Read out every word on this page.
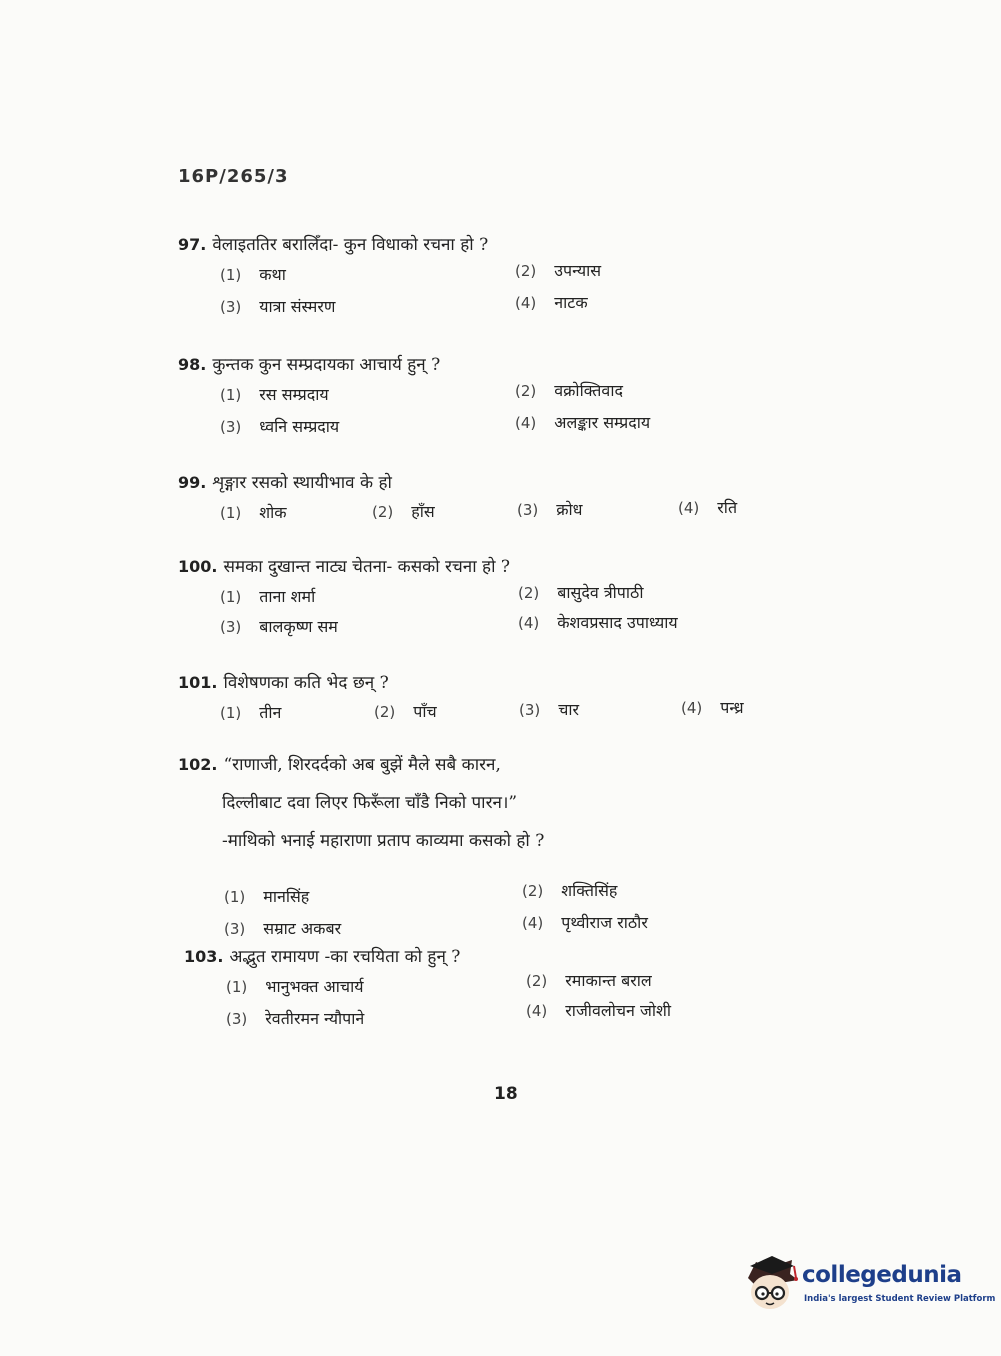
16P/265/3
97. वेलाइततिर बरालिँदा- कुन विधाको रचना हो ?
(1) कथा	(2) उपन्यास
(3) यात्रा संस्मरण	(4) नाटक
98. कुन्तक कुन सम्प्रदायका आचार्य हुन् ?
(1) रस सम्प्रदाय	(2) वक्रोक्तिवाद
(3) ध्वनि सम्प्रदाय	(4) अलङ्कार सम्प्रदाय
99. शृङ्गार रसको स्थायीभाव के हो
(1) शोक	(2) हाँस	(3) क्रोध	(4) रति
100. समका दुखान्त नाट्य चेतना- कसको रचना हो ?
(1) ताना शर्मा	(2) बासुदेव त्रीपाठी
(3) बालकृष्ण सम	(4) केशवप्रसाद उपाध्याय
101. विशेषणका कति भेद छन् ?
(1) तीन	(2) पाँच	(3) चार	(4) पन्ध्र
102. “राणाजी, शिरदर्दको अब बुझें मैले सबै कारन,
दिल्लीबाट दवा लिएर फिरूँला चाँडै निको पारन।”
-माथिको भनाई महाराणा प्रताप काव्यमा कसको हो ?
(1) मानसिंह	(2) शक्तिसिंह
(3) सम्राट अकबर	(4) पृथ्वीराज राठौर
103. अद्भुत रामायण -का रचयिता को हुन् ?
(1) भानुभक्त आचार्य	(2) रमाकान्त बराल
(3) रेवतीरमन न्यौपाने	(4) राजीवलोचन जोशी
18
collegedunia
India's largest Student Review Platform
